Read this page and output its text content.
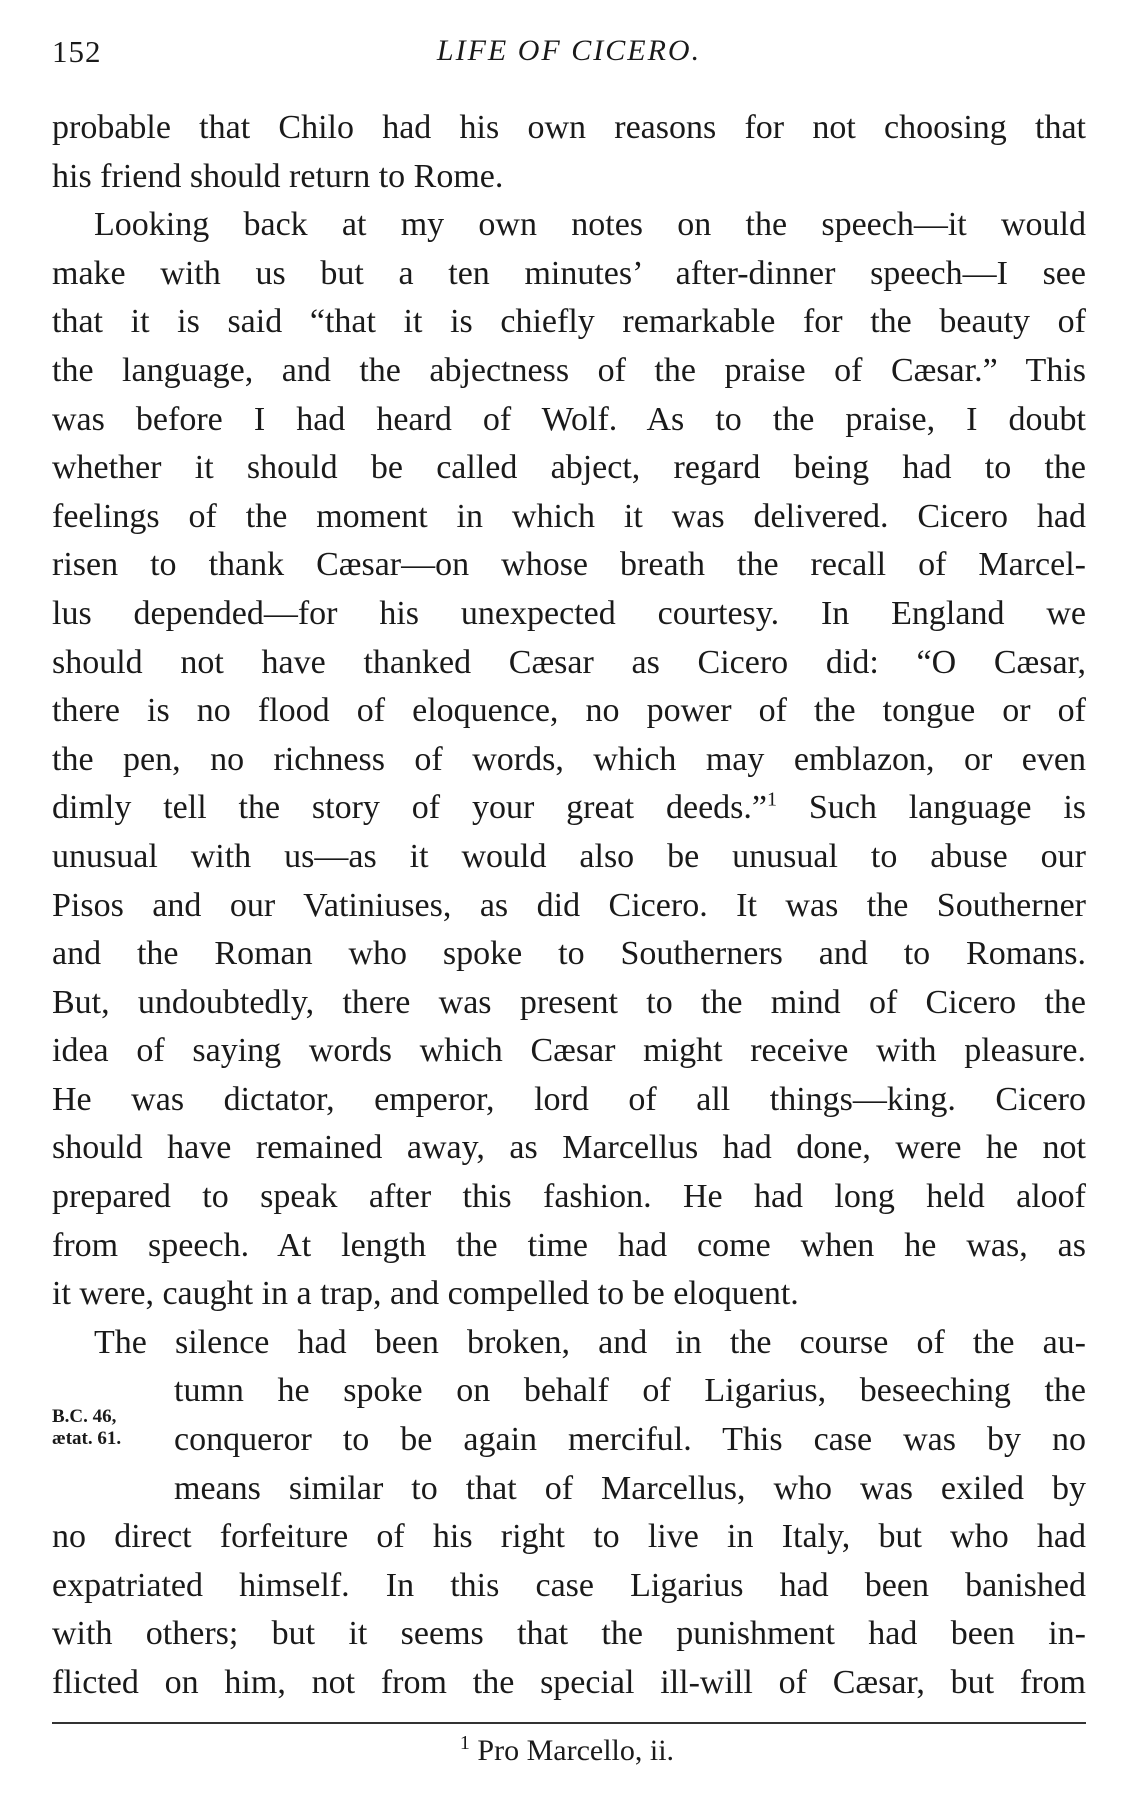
152	LIFE OF CICERO.
probable that Chilo had his own reasons for not choosing that
his friend should return to Rome.
Looking back at my own notes on the speech—it would
make with us but a ten minutes’ after-dinner speech—I see
that it is said “that it is chiefly remarkable for the beauty of
the language, and the abjectness of the praise of Cæsar.” This
was before I had heard of Wolf. As to the praise, I doubt
whether it should be called abject, regard being had to the
feelings of the moment in which it was delivered. Cicero had
risen to thank Cæsar—on whose breath the recall of Marcel-
lus depended—for his unexpected courtesy. In England we
should not have thanked Cæsar as Cicero did: “O Cæsar,
there is no flood of eloquence, no power of the tongue or of
the pen, no richness of words, which may emblazon, or even
dimly tell the story of your great deeds.”$^1$ Such language is
unusual with us—as it would also be unusual to abuse our
Pisos and our Vatiniuses, as did Cicero. It was the Southerner
and the Roman who spoke to Southerners and to Romans.
But, undoubtedly, there was present to the mind of Cicero the
idea of saying words which Cæsar might receive with pleasure.
He was dictator, emperor, lord of all things—king. Cicero
should have remained away, as Marcellus had done, were he not
prepared to speak after this fashion. He had long held aloof
from speech. At length the time had come when he was, as
it were, caught in a trap, and compelled to be eloquent.
The silence had been broken, and in the course of the au-
tumn he spoke on behalf of Ligarius, beseeching the
conqueror to be again merciful. This case was by no
means similar to that of Marcellus, who was exiled by
no direct forfeiture of his right to live in Italy, but who had
expatriated himself. In this case Ligarius had been banished
with others; but it seems that the punishment had been in-
flicted on him, not from the special ill-will of Cæsar, but from
B.C. 46,
ætat. 61.
$^1$ Pro Marcello, ii.
